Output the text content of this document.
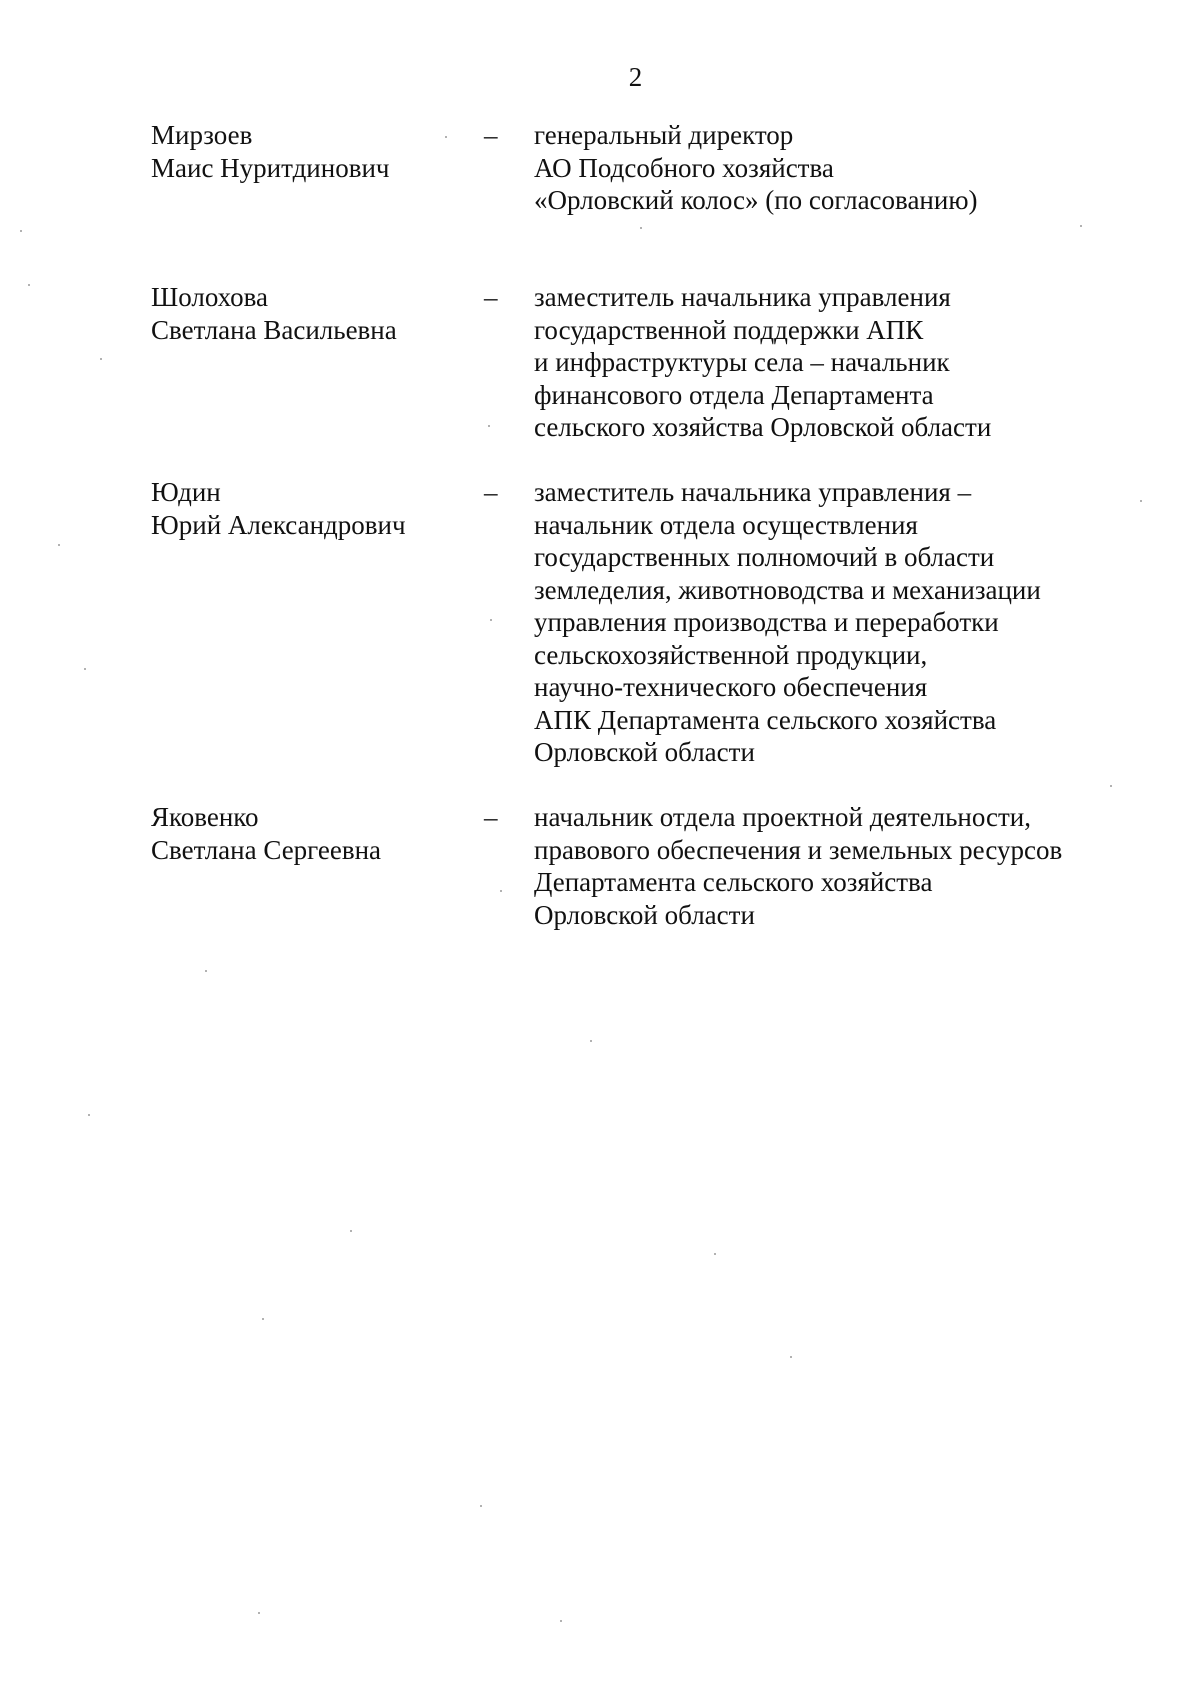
2
Мирзоев
Маис Нуритдинович
– генеральный директор
АО Подсобного хозяйства
«Орловский колос» (по согласованию)
Шолохова
Светлана Васильевна
– заместитель начальника управления
государственной поддержки АПК
и инфраструктуры села – начальник
финансового отдела Департамента
сельского хозяйства Орловской области
Юдин
Юрий Александрович
– заместитель начальника управления –
начальник отдела осуществления
государственных полномочий в области
земледелия, животноводства и механизации
управления производства и переработки
сельскохозяйственной продукции,
научно-технического обеспечения
АПК Департамента сельского хозяйства
Орловской области
Яковенко
Светлана Сергеевна
– начальник отдела проектной деятельности,
правового обеспечения и земельных ресурсов
Департамента сельского хозяйства
Орловской области
